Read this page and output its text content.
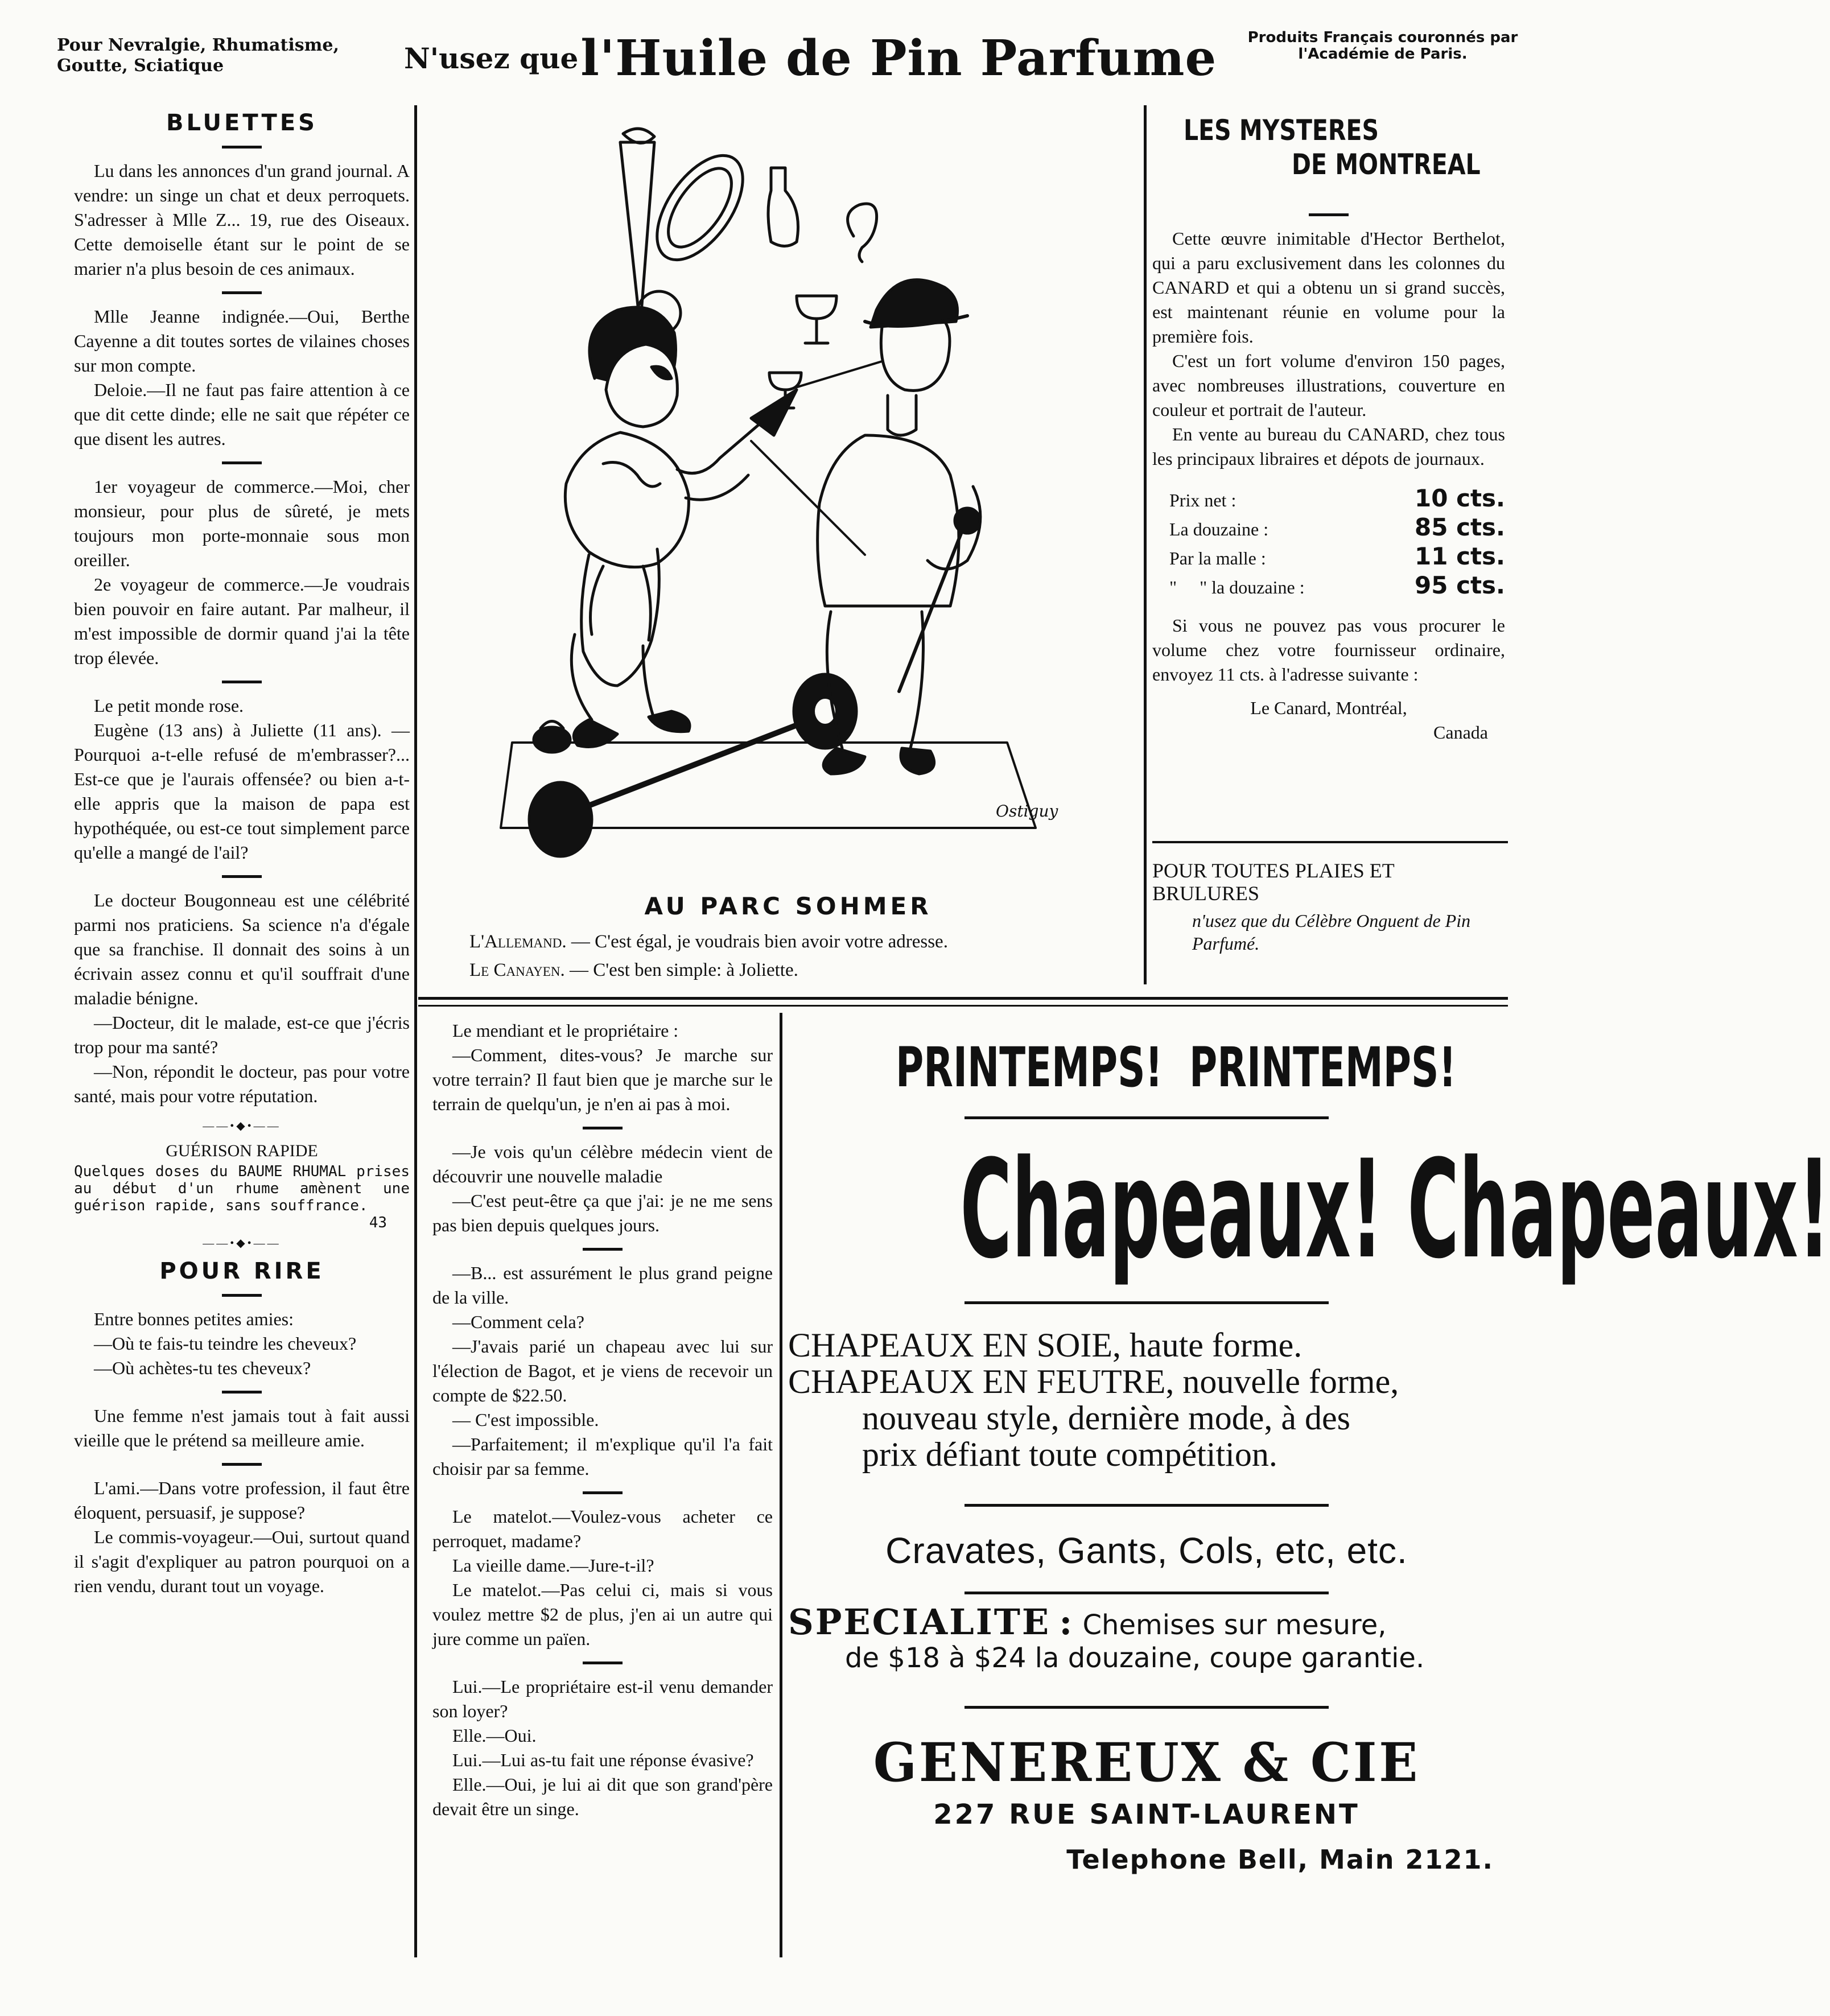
Pour Nevralgie, Rhumatisme, Goutte, Sciatique	N'usez que l'Huile de Pin Parfume	Produits Français couronnés par l'Académie de Paris.
BLUETTES

Lu dans les annonces d'un grand journal. A vendre: un singe un chat et deux perroquets. S'adresser à Mlle Z... 19, rue des Oiseaux. Cette demoiselle étant sur le point de se marier n'a plus besoin de ces animaux.

Mlle Jeanne indignée.—Oui, Berthe Cayenne a dit toutes sortes de vilaines choses sur mon compte.

Deloie.—Il ne faut pas faire attention à ce que dit cette dinde; elle ne sait que répéter ce que disent les autres.

1er voyageur de commerce.—Moi, cher monsieur, pour plus de sûreté, je mets toujours mon porte-monnaie sous mon oreiller.

2e voyageur de commerce.—Je voudrais bien pouvoir en faire autant. Par malheur, il m'est impossible de dormir quand j'ai la tête trop élevée.

Le petit monde rose.

Eugène (13 ans) à Juliette (11 ans). —Pourquoi a-t-elle refusé de m'embrasser?... Est-ce que je l'aurais offensée? ou bien a-t-elle appris que la maison de papa est hypothéquée, ou est-ce tout simplement parce qu'elle a mangé de l'ail?

Le docteur Bougonneau est une célébrité parmi nos praticiens. Sa science n'a d'égale que sa franchise. Il donnait des soins à un écrivain assez connu et qu'il souffrait d'une maladie bénigne.

—Docteur, dit le malade, est-ce que j'écris trop pour ma santé?

—Non, répondit le docteur, pas pour votre santé, mais pour votre réputation.

——•◆•——
GUÉRISON RAPIDE
Quelques doses du BAUME RHUMAL prises au début d'un rhume amènent une guérison rapide, sans souffrance.
43
——•◆•——
POUR RIRE

Entre bonnes petites amies:

—Où te fais-tu teindre les cheveux?

—Où achètes-tu tes cheveux?

Une femme n'est jamais tout à fait aussi vieille que le prétend sa meilleure amie.

L'ami.—Dans votre profession, il faut être éloquent, persuasif, je suppose?

Le commis-voyageur.—Oui, surtout quand il s'agit d'expliquer au patron pourquoi on a rien vendu, durant tout un voyage.

Ostiguy
AU PARC SOHMER
L'Allemand. — C'est égal, je voudrais bien avoir votre adresse.
Le Canayen. — C'est ben simple: à Joliette.
LES MYSTERES
DE MONTREAL

Cette œuvre inimitable d'Hector Berthelot, qui a paru exclusivement dans les colonnes du CANARD et qui a obtenu un si grand succès, est maintenant réunie en volume pour la première fois.

C'est un fort volume d'environ 150 pages, avec nombreuses illustrations, couverture en couleur et portrait de l'auteur.

En vente au bureau du CANARD, chez tous les principaux libraires et dépots de journaux.

Prix net :	10 cts.
La douzaine :	85 cts.
Par la malle :	11 cts.
"     " la douzaine :	95 cts.

Si vous ne pouvez pas vous procurer le volume chez votre fournisseur ordinaire, envoyez 11 cts. à l'adresse suivante :

Le Canard, Montréal,
Canada
POUR TOUTES PLAIES ET BRULURES
n'usez que du Célèbre Onguent de Pin Parfumé.

Le mendiant et le propriétaire :

—Comment, dites-vous? Je marche sur votre terrain? Il faut bien que je marche sur le terrain de quelqu'un, je n'en ai pas à moi.

—Je vois qu'un célèbre médecin vient de découvrir une nouvelle maladie

—C'est peut-être ça que j'ai: je ne me sens pas bien depuis quelques jours.

—B... est assurément le plus grand peigne de la ville.

—Comment cela?

—J'avais parié un chapeau avec lui sur l'élection de Bagot, et je viens de recevoir un compte de $22.50.

— C'est impossible.

—Parfaitement; il m'explique qu'il l'a fait choisir par sa femme.

Le matelot.—Voulez-vous acheter ce perroquet, madame?

La vieille dame.—Jure-t-il?

Le matelot.—Pas celui ci, mais si vous voulez mettre $2 de plus, j'en ai un autre qui jure comme un païen.

Lui.—Le propriétaire est-il venu demander son loyer?

Elle.—Oui.

Lui.—Lui as-tu fait une réponse évasive?

Elle.—Oui, je lui ai dit que son grand'père devait être un singe.

PRINTEMPS!  PRINTEMPS!
Chapeaux! Chapeaux!
CHAPEAUX EN SOIE, haute forme.
CHAPEAUX EN FEUTRE, nouvelle forme,
nouveau style, dernière mode, à des
prix défiant toute compétition.
Cravates, Gants, Cols, etc, etc.
SPECIALITE : Chemises sur mesure,
de $18 à $24 la douzaine, coupe garantie.
GENEREUX & CIE
227 RUE SAINT-LAURENT
Telephone Bell, Main 2121.
